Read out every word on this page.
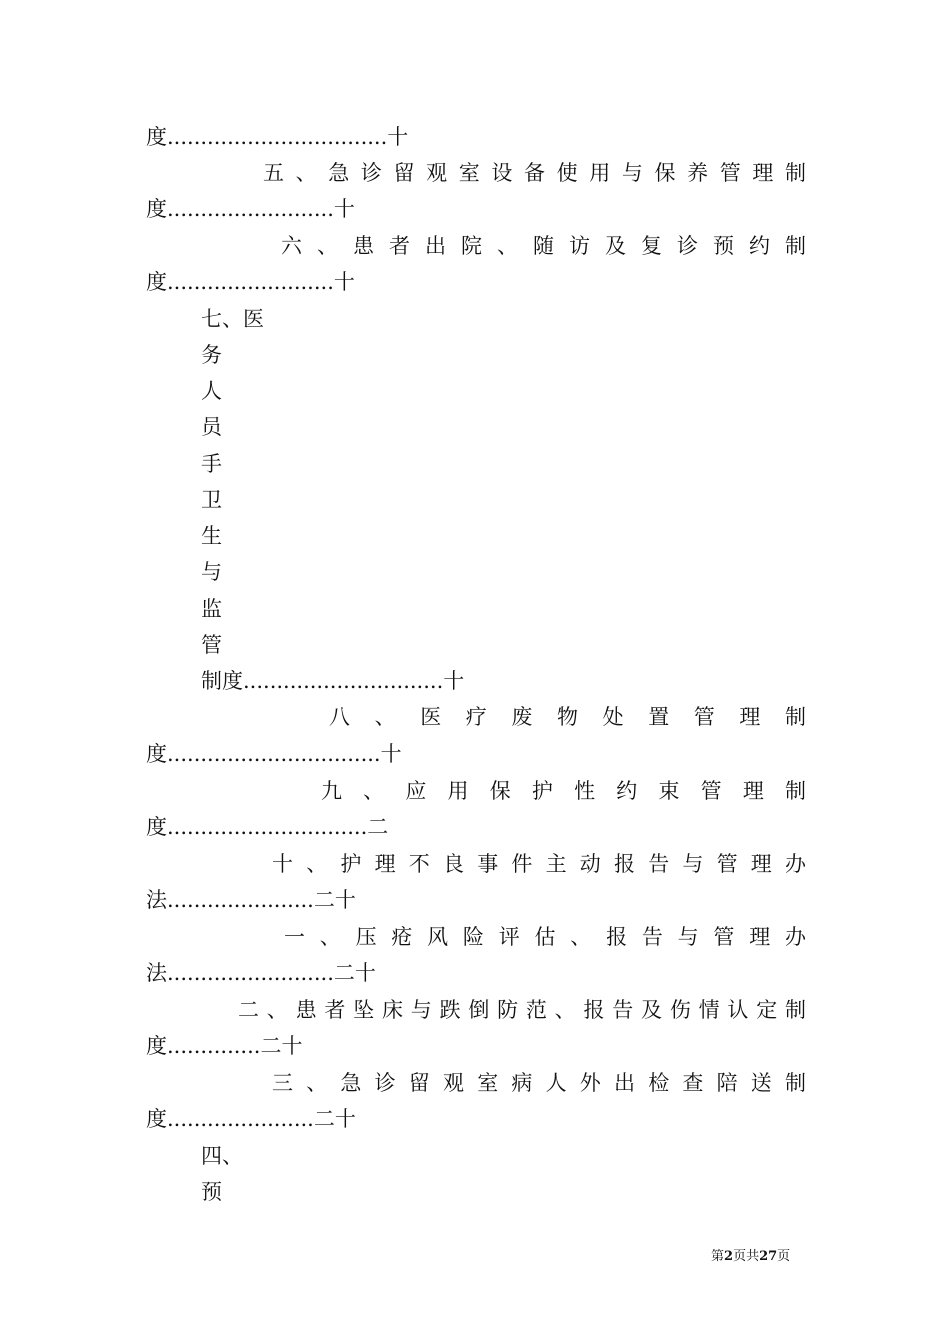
度.................................十
五、急诊留观室设备使用与保养管理制
度.........................十
六、患者出院、随访及复诊预约制
度.........................十
七、医
务
人
员
手
卫
生
与
监
管
制度..............................十
八、医疗废物处置管理制
度................................十
九、应用保护性约束管理制
度..............................二
十、护理不良事件主动报告与管理办
法......................二十
一、压疮风险评估、报告与管理办
法.........................二十
二、患者坠床与跌倒防范、报告及伤情认定制
度..............二十
三、急诊留观室病人外出检查陪送制
度......................二十
四、
预
第2页共27页
